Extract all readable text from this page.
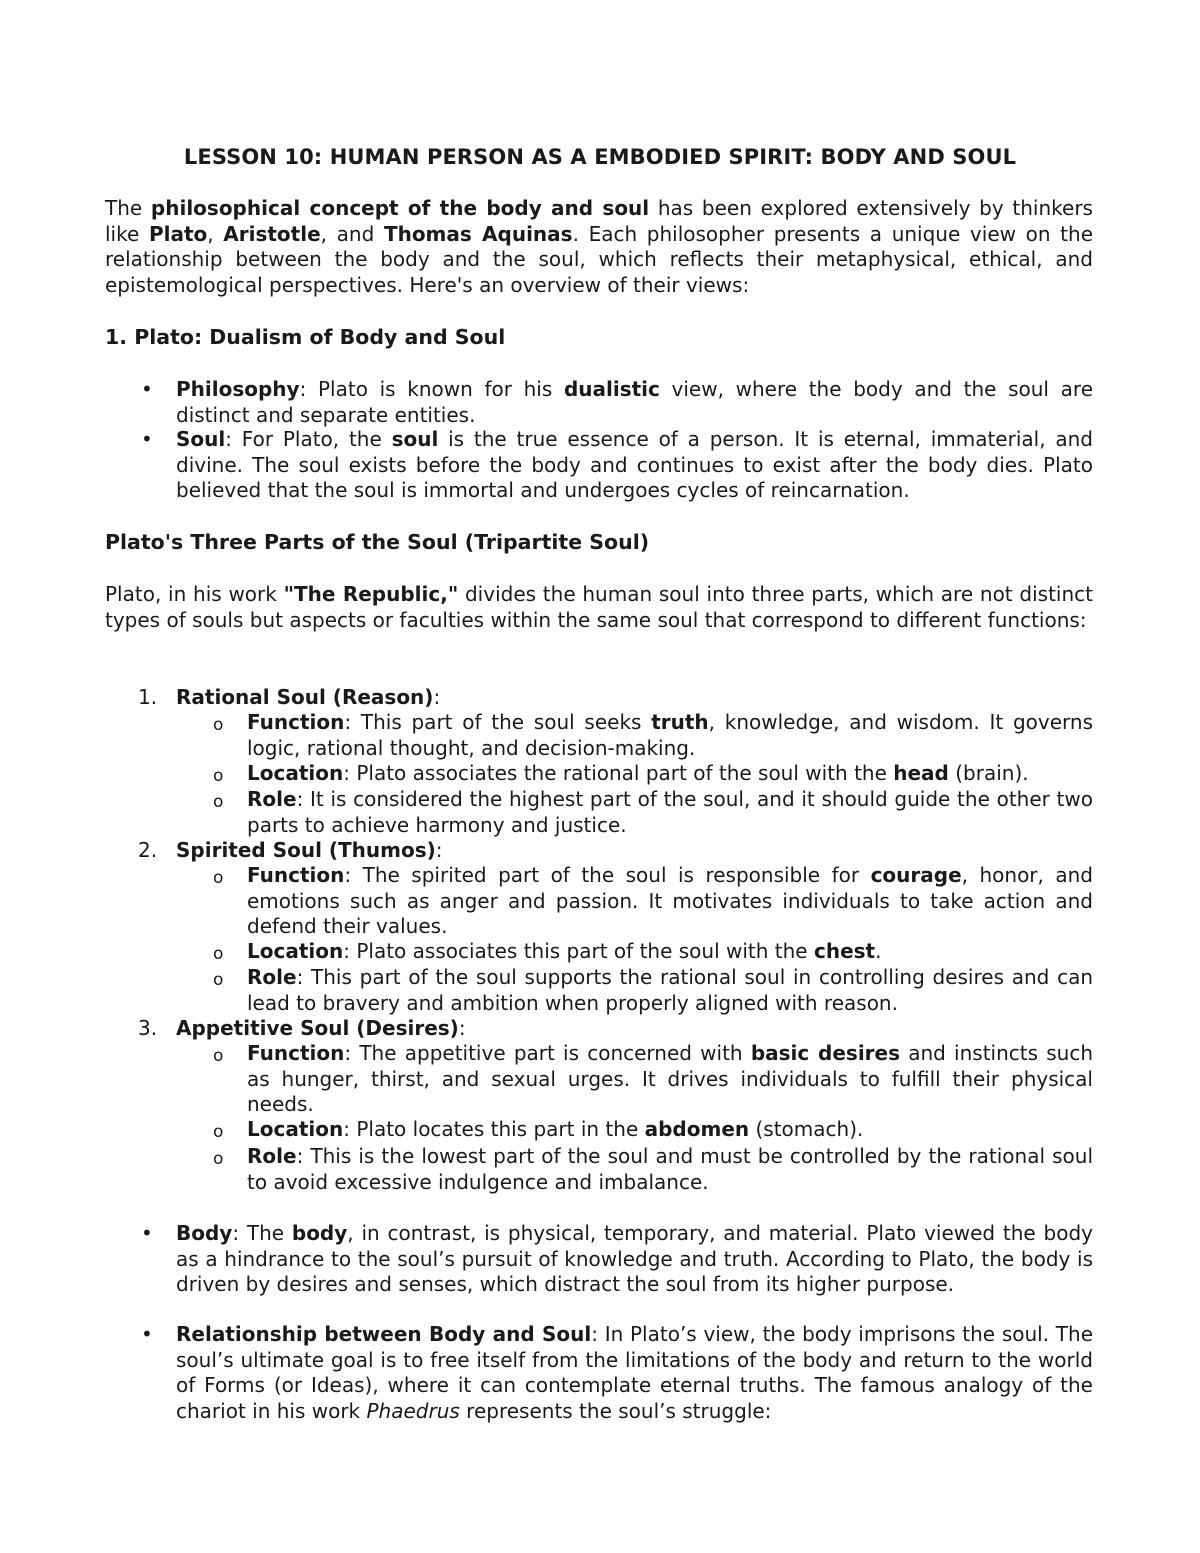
LESSON 10: HUMAN PERSON AS A EMBODIED SPIRIT: BODY AND SOUL
The philosophical concept of the body and soul has been explored extensively by thinkers like Plato, Aristotle, and Thomas Aquinas. Each philosopher presents a unique view on the relationship between the body and the soul, which reflects their metaphysical, ethical, and epistemological perspectives. Here's an overview of their views:
1. Plato: Dualism of Body and Soul
• Philosophy: Plato is known for his dualistic view, where the body and the soul are distinct and separate entities.
• Soul: For Plato, the soul is the true essence of a person. It is eternal, immaterial, and divine. The soul exists before the body and continues to exist after the body dies. Plato believed that the soul is immortal and undergoes cycles of reincarnation.
Plato's Three Parts of the Soul (Tripartite Soul)
Plato, in his work "The Republic," divides the human soul into three parts, which are not distinct types of souls but aspects or faculties within the same soul that correspond to different functions:
1. Rational Soul (Reason):
o Function: This part of the soul seeks truth, knowledge, and wisdom. It governs logic, rational thought, and decision-making.
o Location: Plato associates the rational part of the soul with the head (brain).
o Role: It is considered the highest part of the soul, and it should guide the other two parts to achieve harmony and justice.
2. Spirited Soul (Thumos):
o Function: The spirited part of the soul is responsible for courage, honor, and emotions such as anger and passion. It motivates individuals to take action and defend their values.
o Location: Plato associates this part of the soul with the chest.
o Role: This part of the soul supports the rational soul in controlling desires and can lead to bravery and ambition when properly aligned with reason.
3. Appetitive Soul (Desires):
o Function: The appetitive part is concerned with basic desires and instincts such as hunger, thirst, and sexual urges. It drives individuals to fulfill their physical needs.
o Location: Plato locates this part in the abdomen (stomach).
o Role: This is the lowest part of the soul and must be controlled by the rational soul to avoid excessive indulgence and imbalance.
• Body: The body, in contrast, is physical, temporary, and material. Plato viewed the body as a hindrance to the soul’s pursuit of knowledge and truth. According to Plato, the body is driven by desires and senses, which distract the soul from its higher purpose.
• Relationship between Body and Soul: In Plato’s view, the body imprisons the soul. The soul’s ultimate goal is to free itself from the limitations of the body and return to the world of Forms (or Ideas), where it can contemplate eternal truths. The famous analogy of the chariot in his work Phaedrus represents the soul’s struggle:
